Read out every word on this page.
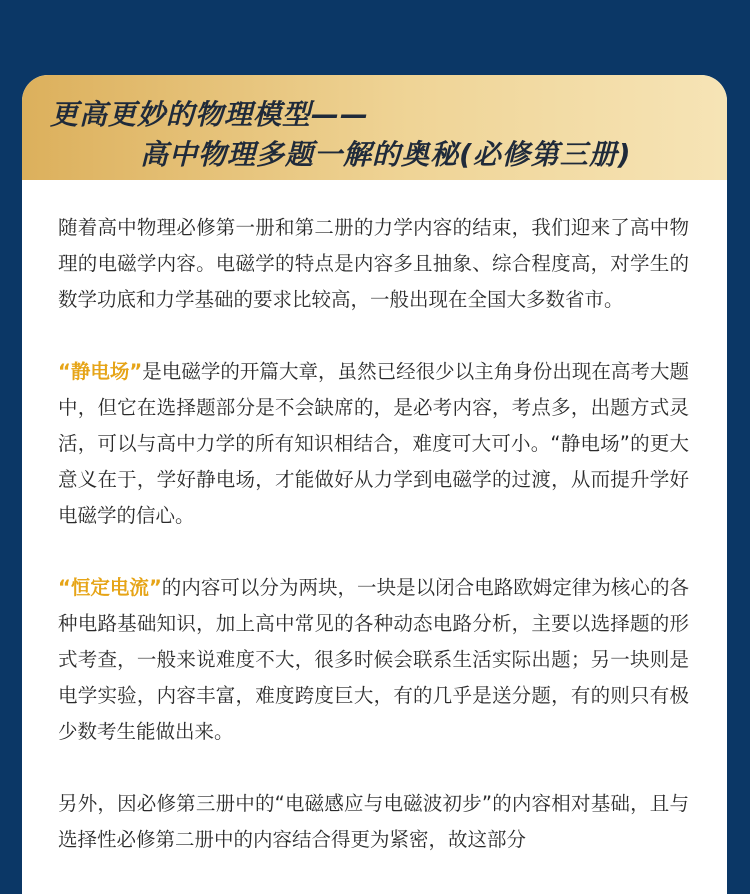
更高更妙的物理模型——
高中物理多题一解的奥秘(必修第三册)

随着高中物理必修第一册和第二册的力学内容的结束，我们迎来了高中物理的电磁学内容。电磁学的特点是内容多且抽象、综合程度高，对学生的数学功底和力学基础的要求比较高，一般出现在全国大多数省市。

“静电场”是电磁学的开篇大章，虽然已经很少以主角身份出现在高考大题中，但它在选择题部分是不会缺席的，是必考内容，考点多，出题方式灵活，可以与高中力学的所有知识相结合，难度可大可小。“静电场”的更大意义在于，学好静电场，才能做好从力学到电磁学的过渡，从而提升学好电磁学的信心。

“恒定电流”的内容可以分为两块，一块是以闭合电路欧姆定律为核心的各种电路基础知识，加上高中常见的各种动态电路分析，主要以选择题的形式考查，一般来说难度不大，很多时候会联系生活实际出题；另一块则是电学实验，内容丰富，难度跨度巨大，有的几乎是送分题，有的则只有极少数考生能做出来。

另外，因必修第三册中的“电磁感应与电磁波初步”的内容相对基础，且与选择性必修第二册中的内容结合得更为紧密，故这部分
